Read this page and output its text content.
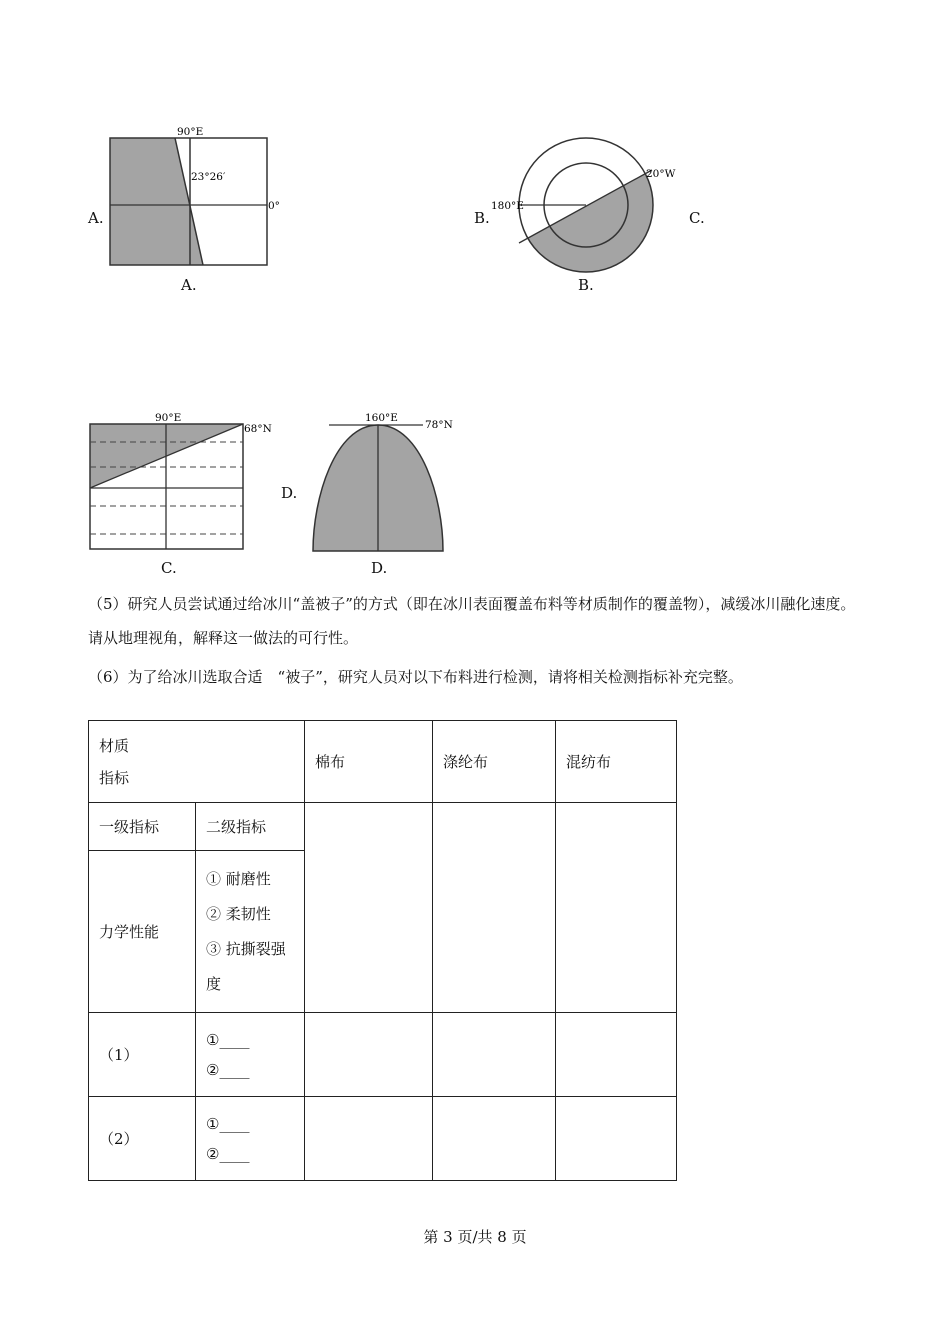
A.
90°E
23°26′
0°
A.
B.
20°W
180°E
B.
C.
90°E
68°N
C.
D.
160°E
78°N
D.
（5）研究人员尝试通过给冰川“盖被子”的方式（即在冰川表面覆盖布料等材质制作的覆盖物），减缓冰川融化速度。请从地理视角，解释这一做法的可行性。
（6）为了给冰川选取合适　“被子”，研究人员对以下布料进行检测，请将相关检测指标补充完整。
材质
指标		棉布	涤纶布	混纺布
一级指标	二级指标			
力学性能	① 耐磨性
② 柔韧性
③ 抗撕裂强
度			

（1）	①____
②____			

（2）	①____
②____			

第 3 页/共 8 页
